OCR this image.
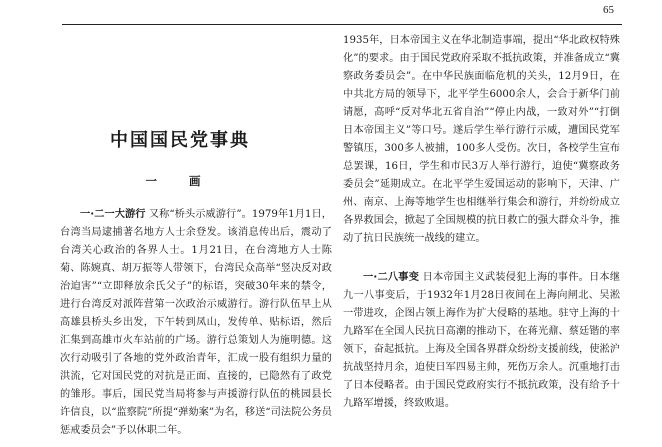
65
中国国民党事典
一 画

一·二一大游行 又称“桥头示威游行”。1979年1月1日，台湾当局逮捕著名地方人士余登发。该消息传出后，震动了台湾关心政治的各界人士。1月21日，在台湾地方人士陈菊、陈婉真、胡万振等人带领下，台湾民众高举“竖决反对政治迫害”“立即释放余氏父子”的标语，突破30年来的禁令，进行台湾反对派阵营第一次政治示威游行。游行队伍早上从高雄县桥头乡出发，下午转到凤山，发传单、贴标语，然后汇集到高雄市火车站前的广场。游行总策划人为施明德。这次行动吸引了各地的党外政治青年，汇成一股有组织力量的洪流，它对国民党的对抗是正面、直接的，已隐然有了政党的雏形。事后，国民党当局将参与声援游行队伍的桃园县长许信良，以“监察院”所提“弹劾案”为名，移送“司法院公务员惩戒委员会”予以休职二年。

1935年，日本帝国主义在华北制造事端，提出“华北政权特殊化”的要求。由于国民党政府采取不抵抗政策，并准备成立“冀察政务委员会”。在中华民族面临危机的关头，12月9日，在中共北方局的领导下，北平学生6000余人，会合于新华门前请愿，高呼“反对华北五省自治”“停止内战，一致对外”“打倒日本帝国主义”等口号。遂后学生举行游行示威，遭国民党军警镇压，300多人被捕，100多人受伤。次日，各校学生宣布总罢课，16日，学生和市民3万人举行游行，迫使“冀察政务委员会”延期成立。在北平学生爱国运动的影响下，天津、广州、南京、上海等地学生也相继举行集会和游行，并纷纷成立各界救国会，掀起了全国规模的抗日救亡的强大群众斗争，推动了抗日民族统一战线的建立。

一·二八事变 日本帝国主义武装侵犯上海的事件。日本继九一八事变后，于1932年1月28日夜间在上海向闸北、吴淞一带进攻，企图占领上海作为扩大侵略的基地。驻守上海的十九路军在全国人民抗日高潮的推动下，在蒋光鼐、蔡廷锴的率领下，奋起抵抗。上海及全国各界群众纷纷支援前线，使淞沪抗战坚持月余，迫使日军四易主帅，死伤万余人。沉重地打击了日本侵略者。由于国民党政府实行不抵抗政策，没有给予十九路军增援，终致败退。
